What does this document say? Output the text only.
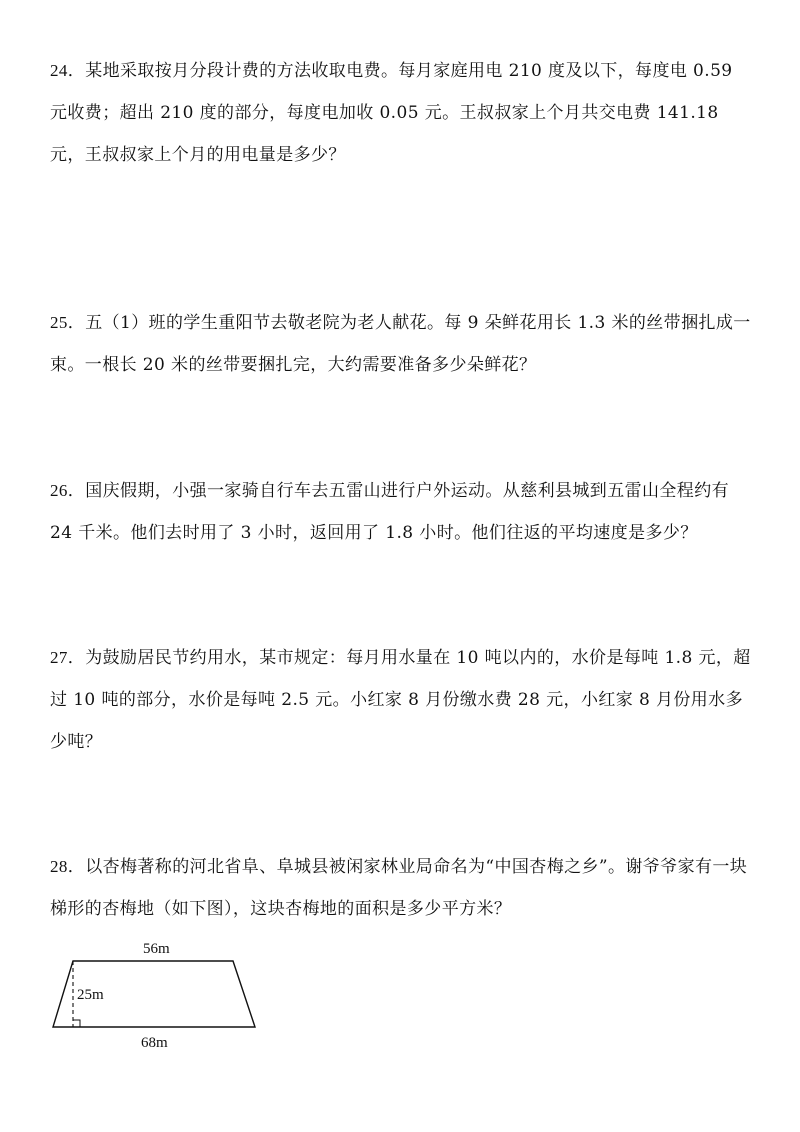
24．某地采取按月分段计费的方法收取电费。每月家庭用电 210 度及以下，每度电 0.59 元收费；超出 210 度的部分，每度电加收 0.05 元。王叔叔家上个月共交电费 141.18 元，王叔叔家上个月的用电量是多少？

25．五（1）班的学生重阳节去敬老院为老人献花。每 9 朵鲜花用长 1.3 米的丝带捆扎成一束。一根长 20 米的丝带要捆扎完，大约需要准备多少朵鲜花？

26．国庆假期，小强一家骑自行车去五雷山进行户外运动。从慈利县城到五雷山全程约有 24 千米。他们去时用了 3 小时，返回用了 1.8 小时。他们往返的平均速度是多少？

27．为鼓励居民节约用水，某市规定：每月用水量在 10 吨以内的，水价是每吨 1.8 元，超过 10 吨的部分，水价是每吨 2.5 元。小红家 8 月份缴水费 28 元，小红家 8 月份用水多少吨？

28．以杏梅著称的河北省阜、阜城县被闲家林业局命名为“中国杏梅之乡”。谢爷爷家有一块梯形的杏梅地（如下图），这块杏梅地的面积是多少平方米？

56m
25m
68m
